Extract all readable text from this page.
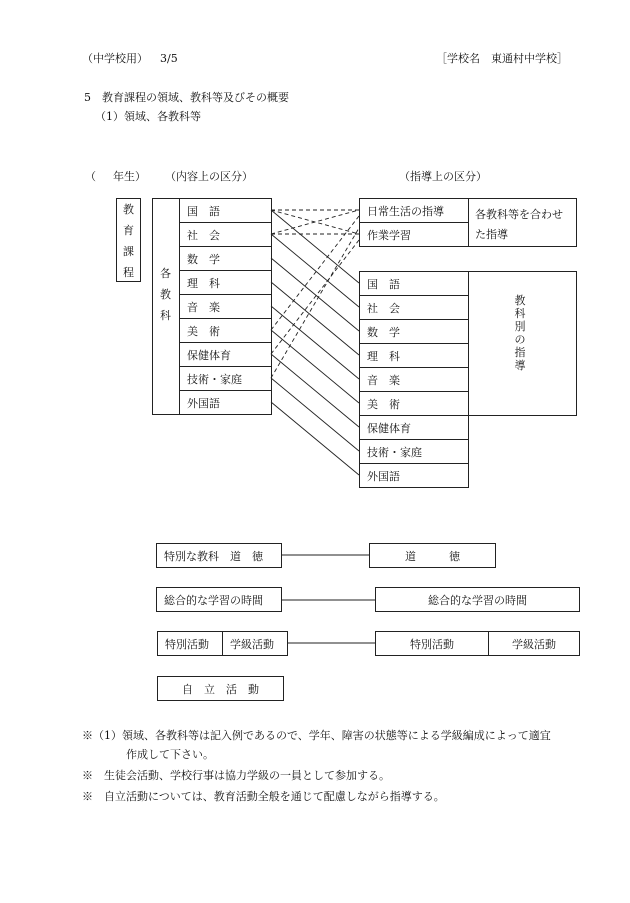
（中学校用） 3/5	［学校名　東通村中学校］
5　教育課程の領域、教科等及びその概要
（1）領域、各教科等
（ 年生） （内容上の区分）	（指導上の区分）
教
育
課
程 各
教
科
国　語
社　会
数　学
理　科
音　楽
美　術
保健体育
技術・家庭
外国語
日常生活の指導
作業学習
各教科等を合わせた指導
国　語
社　会
数　学
理　科
音　楽
美　術
保健体育
技術・家庭
外国語
教
科
別
の
指
導
特別な教科　道　徳	道　　　徳
総合的な学習の時間	総合的な学習の時間
特別活動	学級活動	特別活動	学級活動
自　立　活　動
※（1）領域、各教科等は記入例であるので、学年、障害の状態等による学級編成によって適宜
作成して下さい。
※　生徒会活動、学校行事は協力学級の一員として参加する。
※　自立活動については、教育活動全般を通じて配慮しながら指導する。
